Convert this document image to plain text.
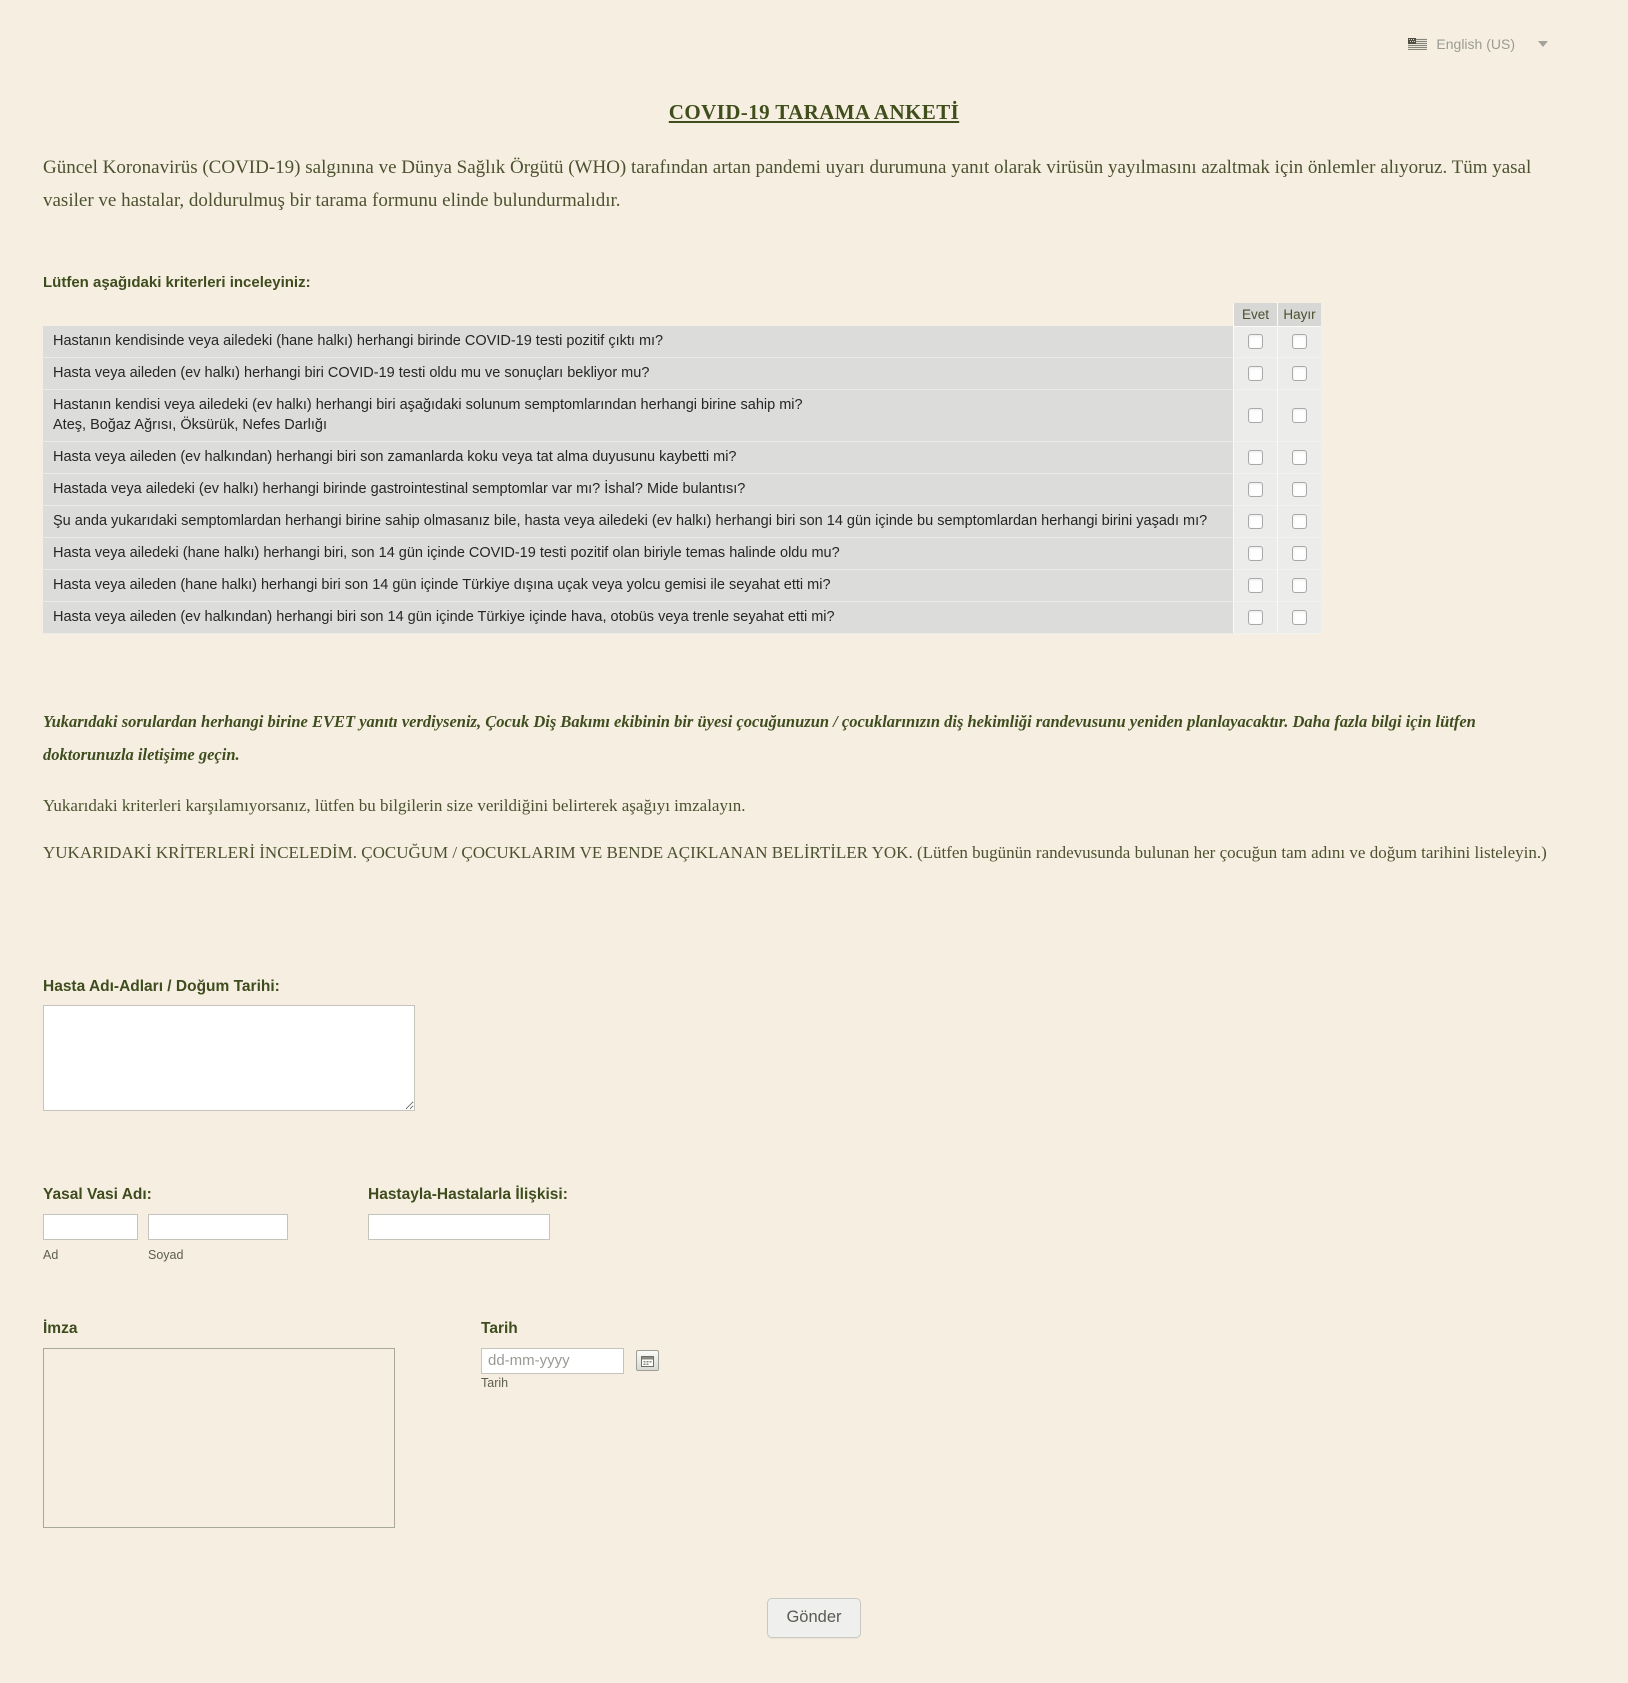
English (US)
COVID-19 TARAMA ANKETİ

Güncel Koronavirüs (COVID-19) salgınına ve Dünya Sağlık Örgütü (WHO) tarafından artan pandemi uyarı durumuna yanıt olarak virüsün yayılmasını azaltmak için önlemler alıyoruz. Tüm yasal vasiler ve hastalar, doldurulmuş bir tarama formunu elinde bulundurmalıdır.

Lütfen aşağıdaki kriterleri inceleyiniz:
	Evet	Hayır
Hastanın kendisinde veya ailedeki (hane halkı) herhangi birinde COVID-19 testi pozitif çıktı mı?		
Hasta veya aileden (ev halkı) herhangi biri COVID-19 testi oldu mu ve sonuçları bekliyor mu?		

Hastanın kendisi veya ailedeki (ev halkı) herhangi biri aşağıdaki solunum semptomlarından herhangi birine sahip mi?
Ateş, Boğaz Ağrısı, Öksürük, Nefes Darlığı

Hasta veya aileden (ev halkından) herhangi biri son zamanlarda koku veya tat alma duyusunu kaybetti mi?		
Hastada veya ailedeki (ev halkı) herhangi birinde gastrointestinal semptomlar var mı? İshal? Mide bulantısı?		
Şu anda yukarıdaki semptomlardan herhangi birine sahip olmasanız bile, hasta veya ailedeki (ev halkı) herhangi biri son 14 gün içinde bu semptomlardan herhangi birini yaşadı mı?		
Hasta veya ailedeki (hane halkı) herhangi biri, son 14 gün içinde COVID-19 testi pozitif olan biriyle temas halinde oldu mu?		
Hasta veya aileden (hane halkı) herhangi biri son 14 gün içinde Türkiye dışına uçak veya yolcu gemisi ile seyahat etti mi?		
Hasta veya aileden (ev halkından) herhangi biri son 14 gün içinde Türkiye içinde hava, otobüs veya trenle seyahat etti mi?		

Yukarıdaki sorulardan herhangi birine EVET yanıtı verdiyseniz, Çocuk Diş Bakımı ekibinin bir üyesi çocuğunuzun / çocuklarınızın diş hekimliği randevusunu yeniden planlayacaktır. Daha fazla bilgi için lütfen doktorunuzla iletişime geçin.

Yukarıdaki kriterleri karşılamıyorsanız, lütfen bu bilgilerin size verildiğini belirterek aşağıyı imzalayın.

YUKARIDAKİ KRİTERLERİ İNCELEDİM. ÇOCUĞUM / ÇOCUKLARIM VE BENDE AÇIKLANAN BELİRTİLER YOK. (Lütfen bugünün randevusunda bulunan her çocuğun tam adını ve doğum tarihini listeleyin.)

Hasta Adı-Adları / Doğum Tarihi:
Yasal Vasi Adı:
Ad	Soyad
Hastayla-Hastalarla İlişkisi:
İmza	Tarih
dd-mm-yyyy
Tarih
Gönder
